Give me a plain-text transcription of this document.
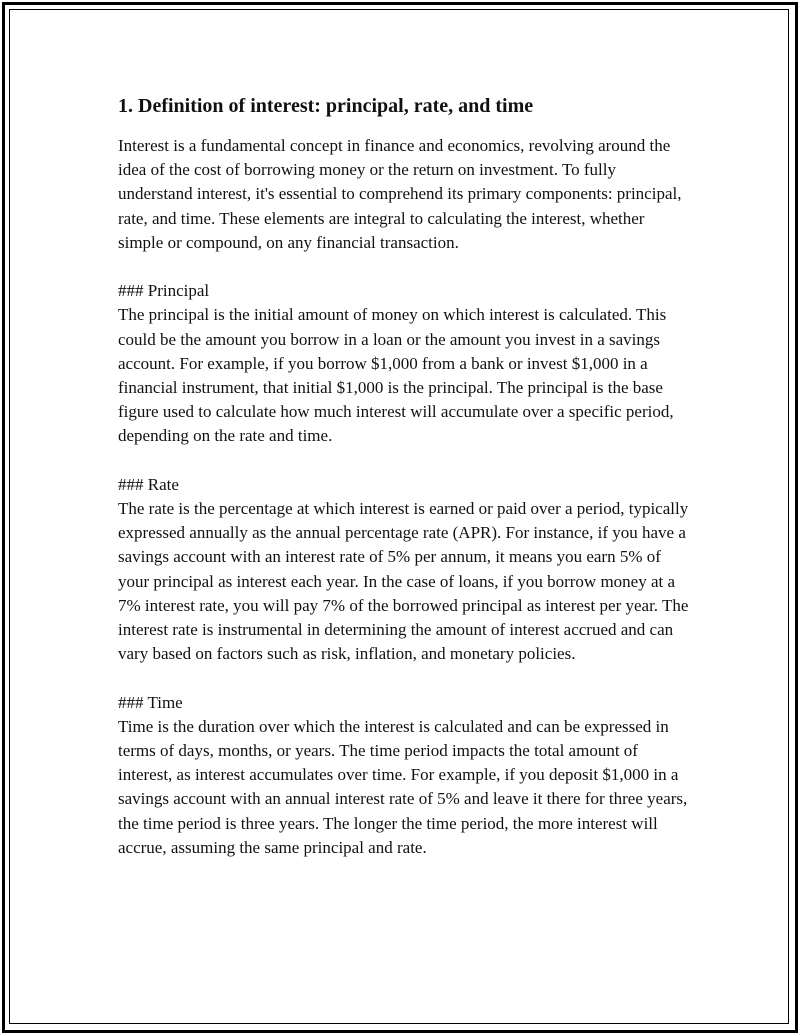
1. Definition of interest: principal, rate, and time

Interest is a fundamental concept in finance and economics, revolving around the idea of the cost of borrowing money or the return on investment. To fully understand interest, it's essential to comprehend its primary components: principal, rate, and time. These elements are integral to calculating the interest, whether simple or compound, on any financial transaction.

### Principal
The principal is the initial amount of money on which interest is calculated. This could be the amount you borrow in a loan or the amount you invest in a savings account. For example, if you borrow $1,000 from a bank or invest $1,000 in a financial instrument, that initial $1,000 is the principal. The principal is the base figure used to calculate how much interest will accumulate over a specific period, depending on the rate and time.
### Rate
The rate is the percentage at which interest is earned or paid over a period, typically expressed annually as the annual percentage rate (APR). For instance, if you have a savings account with an interest rate of 5% per annum, it means you earn 5% of your principal as interest each year. In the case of loans, if you borrow money at a 7% interest rate, you will pay 7% of the borrowed principal as interest per year. The interest rate is instrumental in determining the amount of interest accrued and can vary based on factors such as risk, inflation, and monetary policies.
### Time
Time is the duration over which the interest is calculated and can be expressed in terms of days, months, or years. The time period impacts the total amount of interest, as interest accumulates over time. For example, if you deposit $1,000 in a savings account with an annual interest rate of 5% and leave it there for three years, the time period is three years. The longer the time period, the more interest will accrue, assuming the same principal and rate.
